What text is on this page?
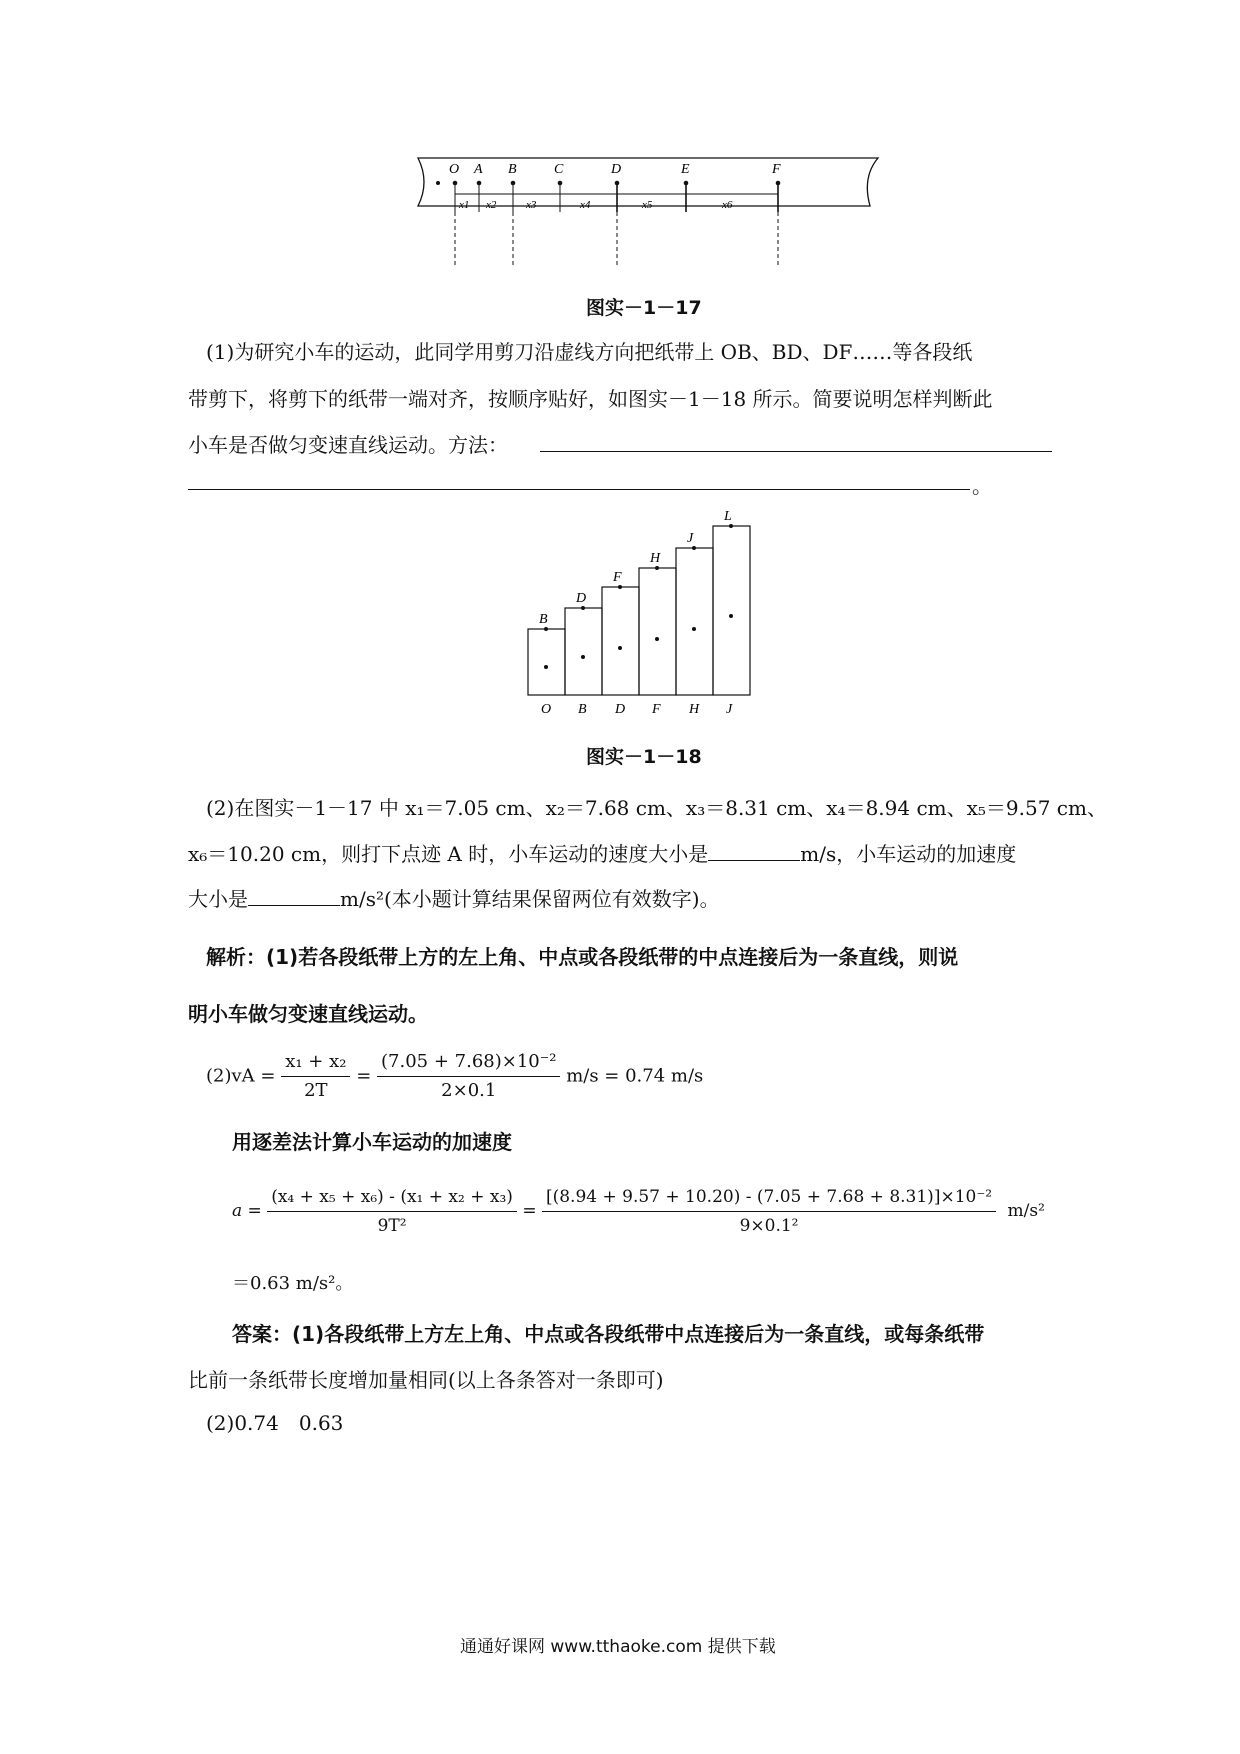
O A B	C	D	E	F
x1 x2	x3	x4	x5	x6
图实－1－17
(1)为研究小车的运动，此同学用剪刀沿虚线方向把纸带上 OB、BD、DF……等各段纸
带剪下，将剪下的纸带一端对齐，按顺序贴好，如图实－1－18 所示。简要说明怎样判断此
小车是否做匀变速直线运动。方法：
。
B
D
F
H
J
L
O B D F H J
图实－1－18
(2)在图实－1－17 中 x₁＝7.05 cm、x₂＝7.68 cm、x₃＝8.31 cm、x₄＝8.94 cm、x₅＝9.57 cm、
x₆＝10.20 cm，则打下点迹 A 时，小车运动的速度大小是	m/s，小车运动的加速度
大小是	m/s²(本小题计算结果保留两位有效数字)。
解析：(1)若各段纸带上方的左上角、中点或各段纸带的中点连接后为一条直线，则说
明小车做匀变速直线运动。
$(2)vA = \frac{\text{x₁ + x₂}}{2T} = \frac{\text{(7.05 + 7.68)×10⁻²}}{2\times 0.1} m/s = 0.74$ m/s
用逐差法计算小车运动的加速度
$a = \frac{\text{(x₄ + x₅ + x₆) - (x₁ + x₂ + x₃)}}{\text{9T²}} = \frac{\text{[(8.94 + 9.57 + 10.20) - (7.05 + 7.68 + 8.31)]×10⁻²}}{\text{9×0.1²}} m/s^2$
＝0.63 m/s²。
答案：(1)各段纸带上方左上角、中点或各段纸带中点连接后为一条直线，或每条纸带
比前一条纸带长度增加量相同(以上各条答对一条即可)
(2)0.74　0.63
通通好课网 www.tthaoke.com 提供下载
